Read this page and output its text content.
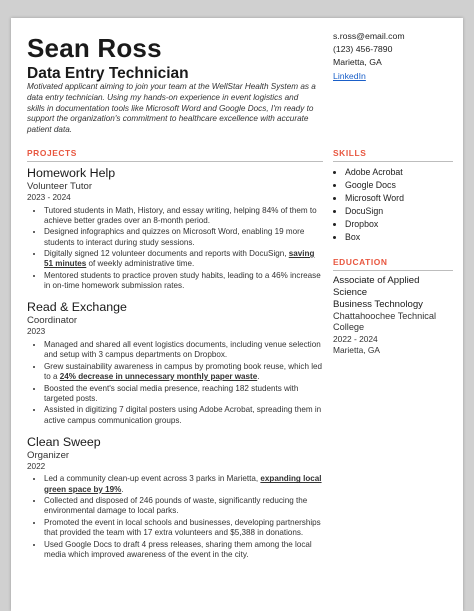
Sean Ross
Data Entry Technician
s.ross@email.com
(123) 456-7890
Marietta, GA
LinkedIn
Motivated applicant aiming to join your team at the WellStar Health System as a data entry technician. Using my hands-on experience in event logistics and skills in documentation tools like Microsoft Word and Google Docs, I'm ready to support the organization's commitment to healthcare excellence with accurate patient data.
PROJECTS
Homework Help
Volunteer Tutor
2023 - 2024
• Tutored students in Math, History, and essay writing, helping 84% of them to achieve better grades over an 8-month period.
• Designed infographics and quizzes on Microsoft Word, enabling 19 more students to interact during study sessions.
• Digitally signed 12 volunteer documents and reports with DocuSign, saving 51 minutes of weekly administrative time.
• Mentored students to practice proven study habits, leading to a 46% increase in on-time homework submission rates.
Read & Exchange
Coordinator
2023
• Managed and shared all event logistics documents, including venue selection and setup with 3 campus departments on Dropbox.
• Grew sustainability awareness in campus by promoting book reuse, which led to a 24% decrease in unnecessary monthly paper waste.
• Boosted the event's social media presence, reaching 182 students with targeted posts.
• Assisted in digitizing 7 digital posters using Adobe Acrobat, spreading them in active campus communication groups.
Clean Sweep
Organizer
2022
• Led a community clean-up event across 3 parks in Marietta, expanding local green space by 19%.
• Collected and disposed of 246 pounds of waste, significantly reducing the environmental damage to local parks.
• Promoted the event in local schools and businesses, developing partnerships that provided the team with 17 extra volunteers and $5,388 in donations.
• Used Google Docs to draft 4 press releases, sharing them among the local media which improved awareness of the event in the city.
SKILLS
• Adobe Acrobat
• Google Docs
• Microsoft Word
• DocuSign
• Dropbox
• Box
EDUCATION
Associate of Applied Science
Business Technology
Chattahoochee Technical College
2022 - 2024
Marietta, GA
